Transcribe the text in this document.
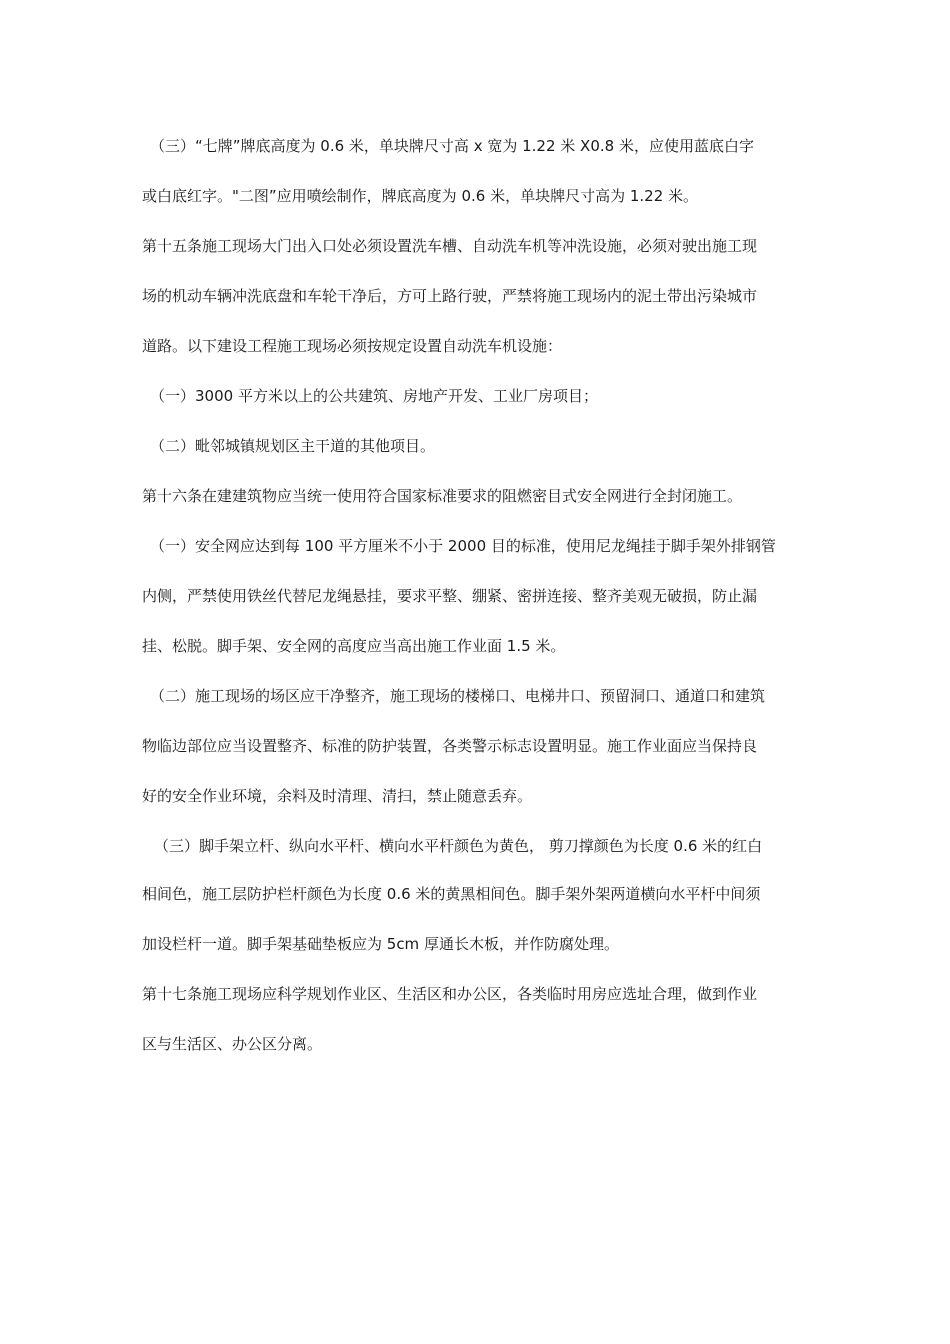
（三）“七牌”牌底高度为 0.6 米，单块牌尺寸高 x 宽为 1.22 米 X0.8 米，应使用蓝底白字
或白底红字。"二图”应用喷绘制作，牌底高度为 0.6 米，单块牌尺寸高为 1.22 米。
第十五条施工现场大门出入口处必须设置洗车槽、自动洗车机等冲洗设施，必须对驶出施工现
场的机动车辆冲洗底盘和车轮干净后，方可上路行驶，严禁将施工现场内的泥土带出污染城市
道路。以下建设工程施工现场必须按规定设置自动洗车机设施：
（一）3000 平方米以上的公共建筑、房地产开发、工业厂房项目；
（二）毗邻城镇规划区主干道的其他项目。
第十六条在建建筑物应当统一使用符合国家标准要求的阻燃密目式安全网进行全封闭施工。
（一）安全网应达到每 100 平方厘米不小于 2000 目的标准，使用尼龙绳挂于脚手架外排钢管
内侧，严禁使用铁丝代替尼龙绳悬挂，要求平整、绷紧、密拼连接、整齐美观无破损，防止漏
挂、松脱。脚手架、安全网的高度应当高出施工作业面 1.5 米。
（二）施工现场的场区应干净整齐，施工现场的楼梯口、电梯井口、预留洞口、通道口和建筑
物临边部位应当设置整齐、标准的防护装置，各类警示标志设置明显。施工作业面应当保持良
好的安全作业环境，余料及时清理、清扫，禁止随意丢弃。
（三）脚手架立杆、纵向水平杆、横向水平杆颜色为黄色， 剪刀撑颜色为长度 0.6 米的红白
相间色，施工层防护栏杆颜色为长度 0.6 米的黄黑相间色。脚手架外架两道横向水平杆中间须
加设栏杆一道。脚手架基础垫板应为 5cm 厚通长木板，并作防腐处理。
第十七条施工现场应科学规划作业区、生活区和办公区，各类临时用房应选址合理，做到作业
区与生活区、办公区分离。
